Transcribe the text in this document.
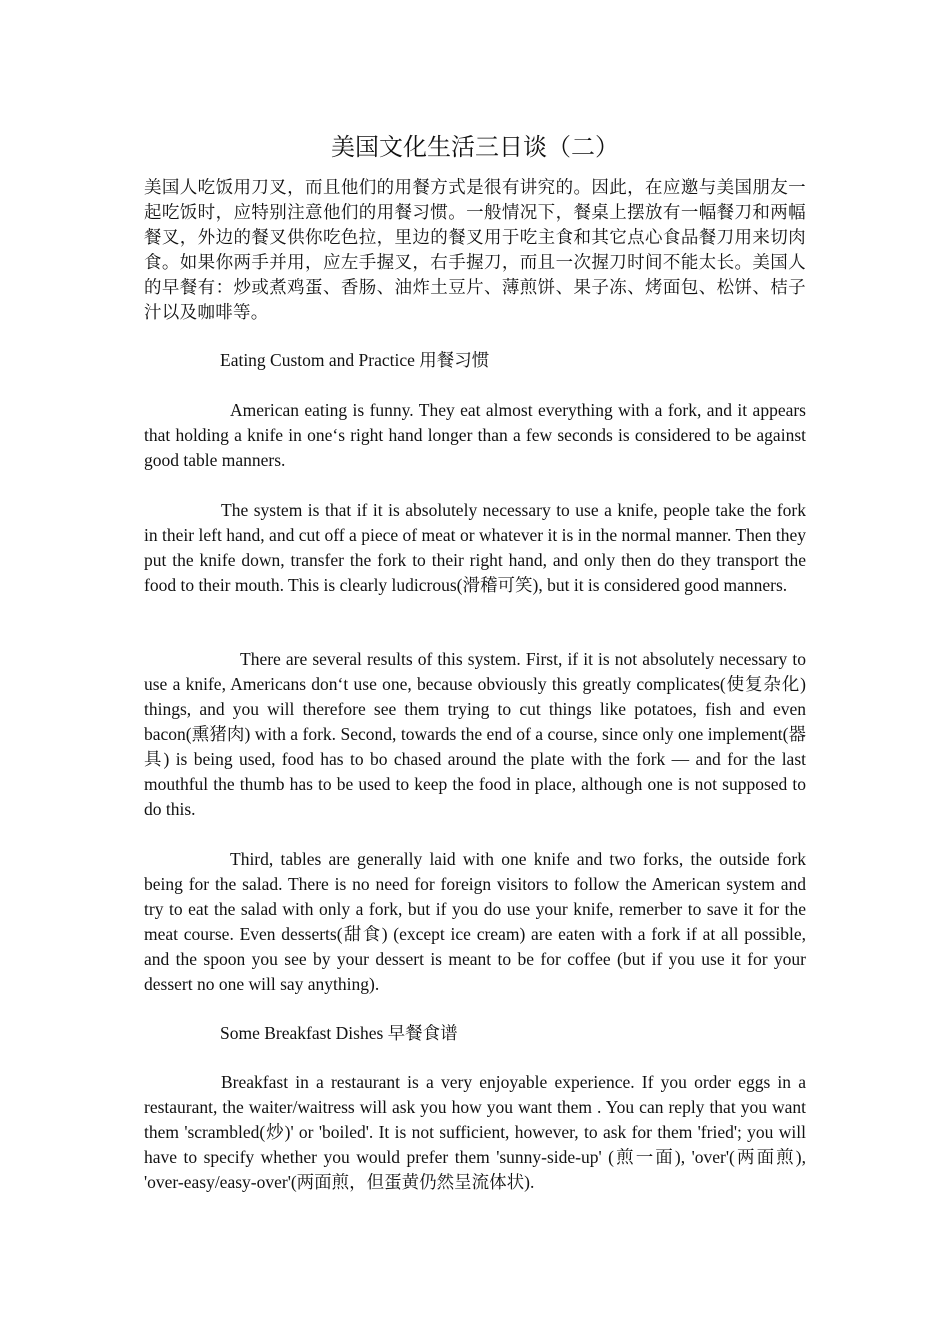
美国文化生活三日谈（二）
美国人吃饭用刀叉，而且他们的用餐方式是很有讲究的。因此，在应邀与美国朋友一起吃饭时，应特别注意他们的用餐习惯。一般情况下，餐桌上摆放有一幅餐刀和两幅餐叉，外边的餐叉供你吃色拉，里边的餐叉用于吃主食和其它点心食品餐刀用来切肉食。如果你两手并用，应左手握叉，右手握刀，而且一次握刀时间不能太长。美国人的早餐有：炒或煮鸡蛋、香肠、油炸土豆片、薄煎饼、果子冻、烤面包、松饼、桔子汁以及咖啡等。
Eating Custom and Practice 用餐习惯
American eating is funny. They eat almost everything with a fork, and it appears that holding a knife in one‘s right hand longer than a few seconds is considered to be against good table manners.
The system is that if it is absolutely necessary to use a knife, people take the fork in their left hand, and cut off a piece of meat or whatever it is in the normal manner. Then they put the knife down, transfer the fork to their right hand, and only then do they transport the food to their mouth. This is clearly ludicrous(滑稽可笑), but it is considered good manners.
There are several results of this system. First, if it is not absolutely necessary to use a knife, Americans don‘t use one, because obviously this greatly complicates(使复杂化) things, and you will therefore see them trying to cut things like potatoes, fish and even bacon(熏猪肉) with a fork. Second, towards the end of a course, since only one implement(器具) is being used, food has to bo chased around the plate with the fork — and for the last mouthful the thumb has to be used to keep the food in place, although one is not supposed to do this.
Third, tables are generally laid with one knife and two forks, the outside fork being for the salad. There is no need for foreign visitors to follow the American system and try to eat the salad with only a fork, but if you do use your knife, remerber to save it for the meat course. Even desserts(甜食) (except ice cream) are eaten with a fork if at all possible, and the spoon you see by your dessert is meant to be for coffee (but if you use it for your dessert no one will say anything).
Some Breakfast Dishes 早餐食谱
Breakfast in a restaurant is a very enjoyable experience. If you order eggs in a restaurant, the waiter/waitress will ask you how you want them . You can reply that you want them 'scrambled(炒)' or 'boiled'. It is not sufficient, however, to ask for them 'fried'; you will have to specify whether you would prefer them 'sunny-side-up' (煎一面), 'over'(两面煎), 'over-easy/easy-over'(两面煎，但蛋黄仍然呈流体状).
